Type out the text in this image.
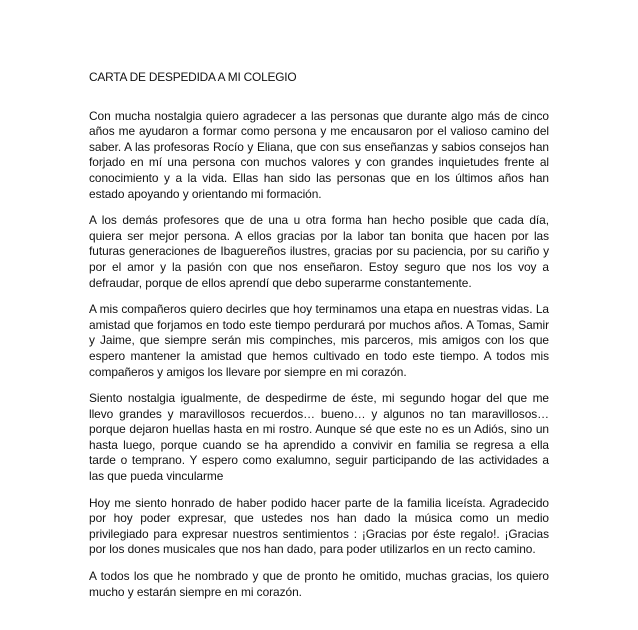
CARTA DE DESPEDIDA A MI COLEGIO

Con mucha nostalgia quiero agradecer a las personas que durante algo más de cinco años me ayudaron a formar como persona y me encausaron por el valioso camino del saber. A las profesoras Rocío y Eliana, que con sus enseñanzas y sabios consejos han forjado en mí una persona con muchos valores y con grandes inquietudes frente al conocimiento y a la vida. Ellas han sido las personas que en los últimos años han estado apoyando y orientando mi formación.

A los demás profesores que de una u otra forma han hecho posible que cada día, quiera ser mejor persona. A ellos gracias por la labor tan bonita que hacen por las futuras generaciones de Ibaguereños ilustres, gracias por su paciencia, por su cariño y por el amor y la pasión con que nos enseñaron. Estoy seguro que nos los voy a defraudar, porque de ellos aprendí que debo superarme constantemente.

A mis compañeros quiero decirles que hoy terminamos una etapa en nuestras vidas. La amistad que forjamos en todo este tiempo perdurará por muchos años. A Tomas, Samir y Jaime, que siempre serán mis compinches, mis parceros, mis amigos con los que espero mantener la amistad que hemos cultivado en todo este tiempo. A todos mis compañeros y amigos los llevare por siempre en mi corazón.

Siento nostalgia igualmente, de despedirme de éste, mi segundo hogar del que me llevo grandes y maravillosos recuerdos… bueno… y algunos no tan maravillosos… porque dejaron huellas hasta en mi rostro. Aunque sé que este no es un Adiós, sino un hasta luego, porque cuando se ha aprendido a convivir en familia se regresa a ella tarde o temprano. Y espero como exalumno, seguir participando de las actividades a las que pueda vincularme

Hoy me siento honrado de haber podido hacer parte de la familia liceísta. Agradecido por hoy poder expresar, que ustedes nos han dado la música como un medio privilegiado para expresar nuestros sentimientos : ¡Gracias por éste regalo!. ¡Gracias por los dones musicales que nos han dado, para poder utilizarlos en un recto camino.

A todos los que he nombrado y que de pronto he omitido, muchas gracias, los quiero mucho y estarán siempre en mi corazón.
